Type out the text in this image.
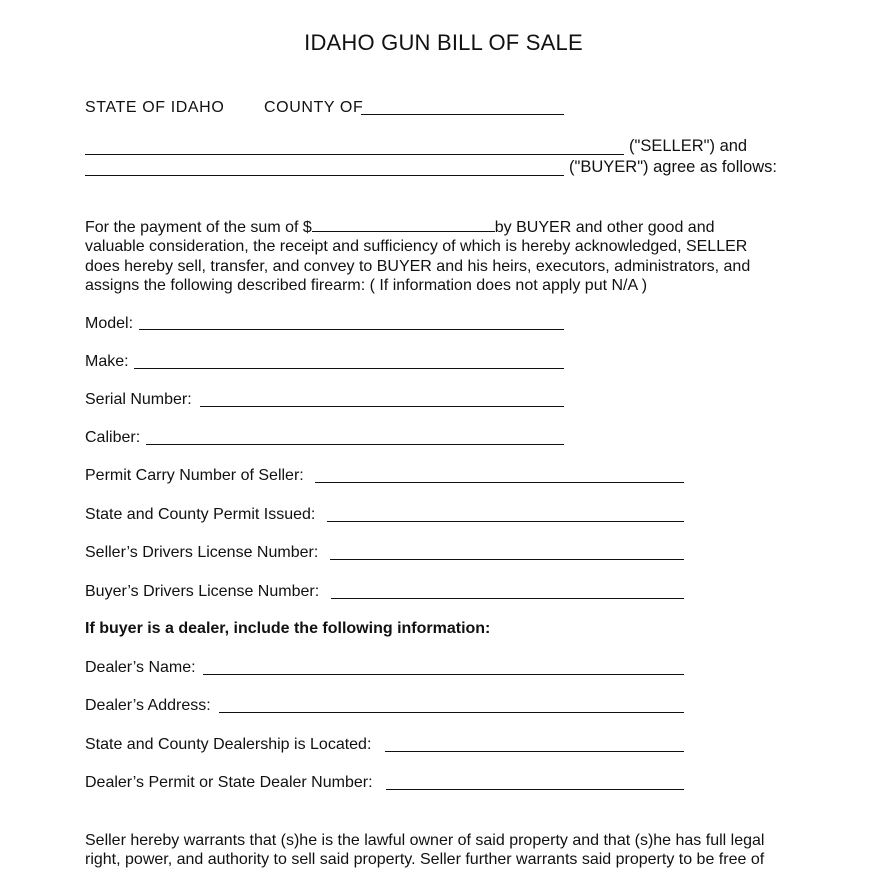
IDAHO GUN BILL OF SALE
STATE OF IDAHO COUNTY OF
("SELLER") and
("BUYER") agree as follows:
For the payment of the sum of $	by BUYER and other good and
valuable consideration, the receipt and sufficiency of which is hereby acknowledged, SELLER
does hereby sell, transfer, and convey to BUYER and his heirs, executors, administrators, and
assigns the following described firearm: ( If information does not apply put N/A )
Model:
Make:
Serial Number:
Caliber:
Permit Carry Number of Seller:
State and County Permit Issued:
Seller’s Drivers License Number:
Buyer’s Drivers License Number:
If buyer is a dealer, include the following information:
Dealer’s Name:
Dealer’s Address:
State and County Dealership is Located:
Dealer’s Permit or State Dealer Number:
Seller hereby warrants that (s)he is the lawful owner of said property and that (s)he has full legal
right, power, and authority to sell said property. Seller further warrants said property to be free of
